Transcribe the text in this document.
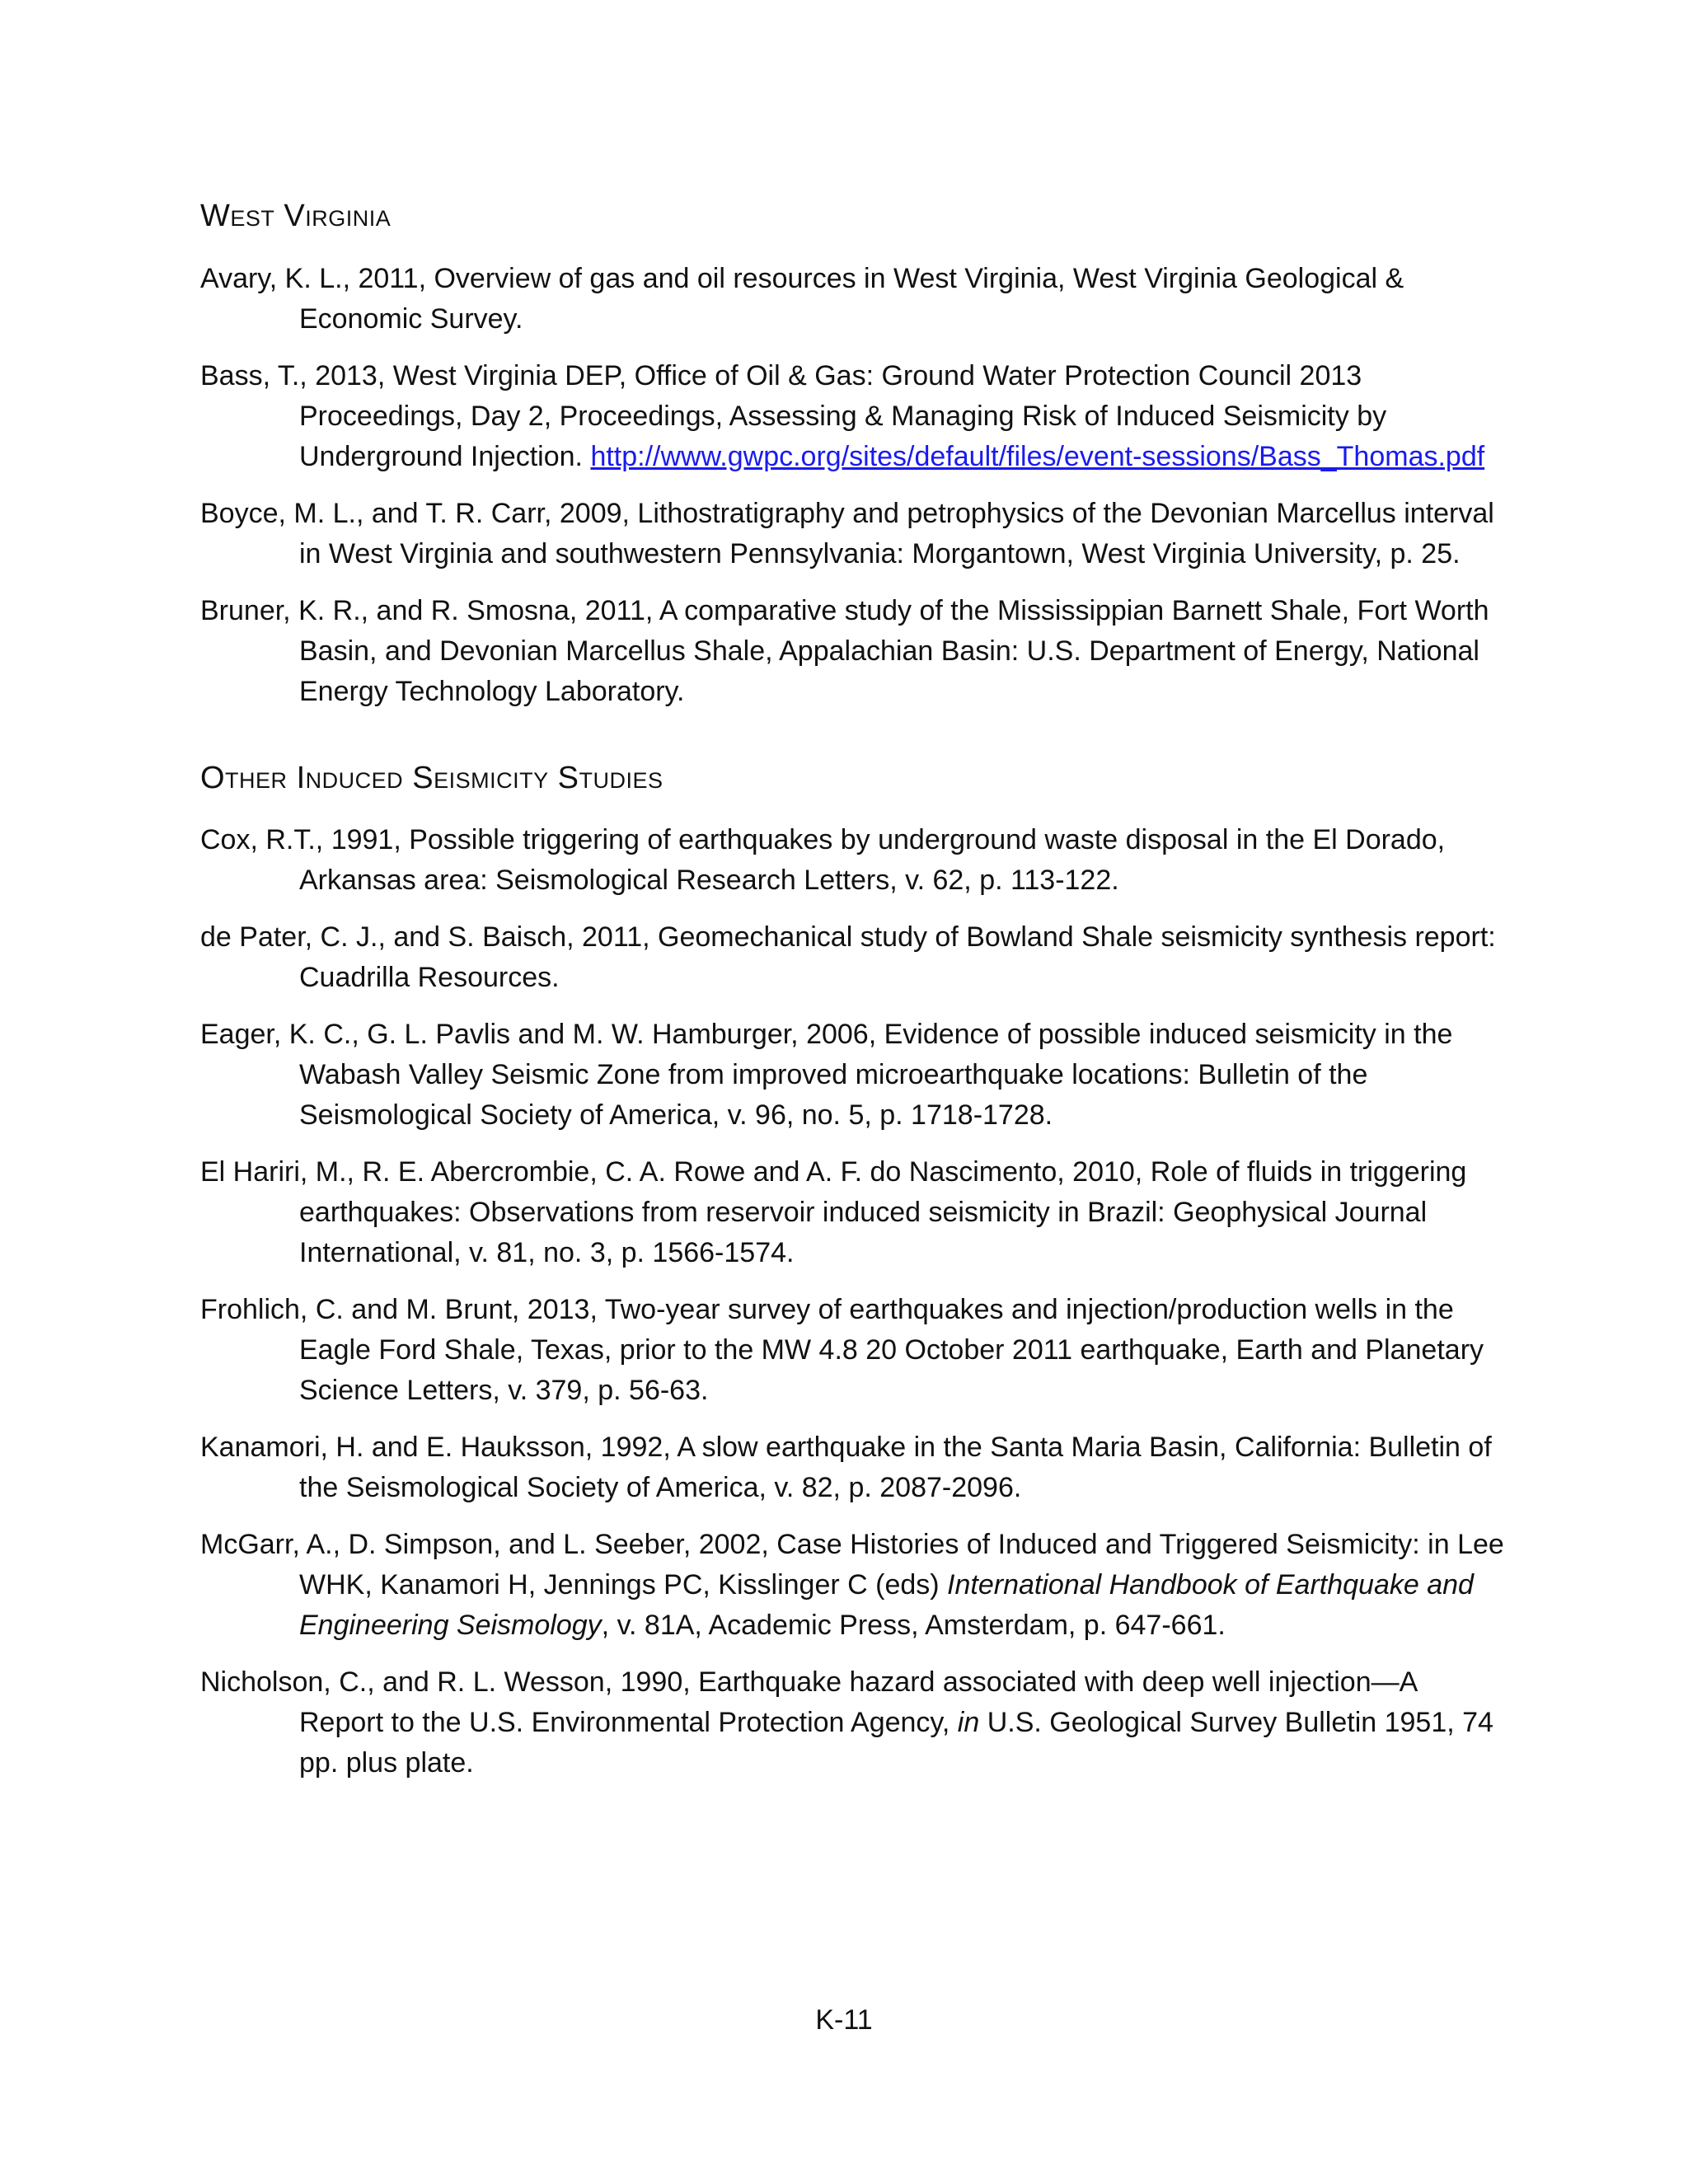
West Virginia

Avary, K. L., 2011, Overview of gas and oil resources in West Virginia, West Virginia Geological & Economic Survey.

Bass, T., 2013, West Virginia DEP, Office of Oil & Gas: Ground Water Protection Council 2013 Proceedings, Day 2, Proceedings, Assessing & Managing Risk of Induced Seismicity by Underground Injection. http://www.gwpc.org/sites/default/files/event-sessions/Bass_Thomas.pdf

Boyce, M. L., and T. R. Carr, 2009, Lithostratigraphy and petrophysics of the Devonian Marcellus interval in West Virginia and southwestern Pennsylvania: Morgantown, West Virginia University, p. 25.

Bruner, K. R., and R. Smosna, 2011, A comparative study of the Mississippian Barnett Shale, Fort Worth Basin, and Devonian Marcellus Shale, Appalachian Basin: U.S. Department of Energy, National Energy Technology Laboratory.

Other Induced Seismicity Studies

Cox, R.T., 1991, Possible triggering of earthquakes by underground waste disposal in the El Dorado, Arkansas area: Seismological Research Letters, v. 62, p. 113-122.

de Pater, C. J., and S. Baisch, 2011, Geomechanical study of Bowland Shale seismicity synthesis report: Cuadrilla Resources.

Eager, K. C., G. L. Pavlis and M. W. Hamburger, 2006, Evidence of possible induced seismicity in the Wabash Valley Seismic Zone from improved microearthquake locations: Bulletin of the Seismological Society of America, v. 96, no. 5, p. 1718-1728.

El Hariri, M., R. E. Abercrombie, C. A. Rowe and A. F. do Nascimento, 2010, Role of fluids in triggering earthquakes: Observations from reservoir induced seismicity in Brazil: Geophysical Journal International, v. 81, no. 3, p. 1566-1574.

Frohlich, C. and M. Brunt, 2013, Two-year survey of earthquakes and injection/production wells in the Eagle Ford Shale, Texas, prior to the MW 4.8 20 October 2011 earthquake, Earth and Planetary Science Letters, v. 379, p. 56-63.

Kanamori, H. and E. Hauksson, 1992, A slow earthquake in the Santa Maria Basin, California: Bulletin of the Seismological Society of America, v. 82, p. 2087-2096.

McGarr, A., D. Simpson, and L. Seeber, 2002, Case Histories of Induced and Triggered Seismicity: in Lee WHK, Kanamori H, Jennings PC, Kisslinger C (eds) International Handbook of Earthquake and Engineering Seismology, v. 81A, Academic Press, Amsterdam, p. 647-661.

Nicholson, C., and R. L. Wesson, 1990, Earthquake hazard associated with deep well injection—A Report to the U.S. Environmental Protection Agency, in U.S. Geological Survey Bulletin 1951, 74 pp. plus plate.

K-11
